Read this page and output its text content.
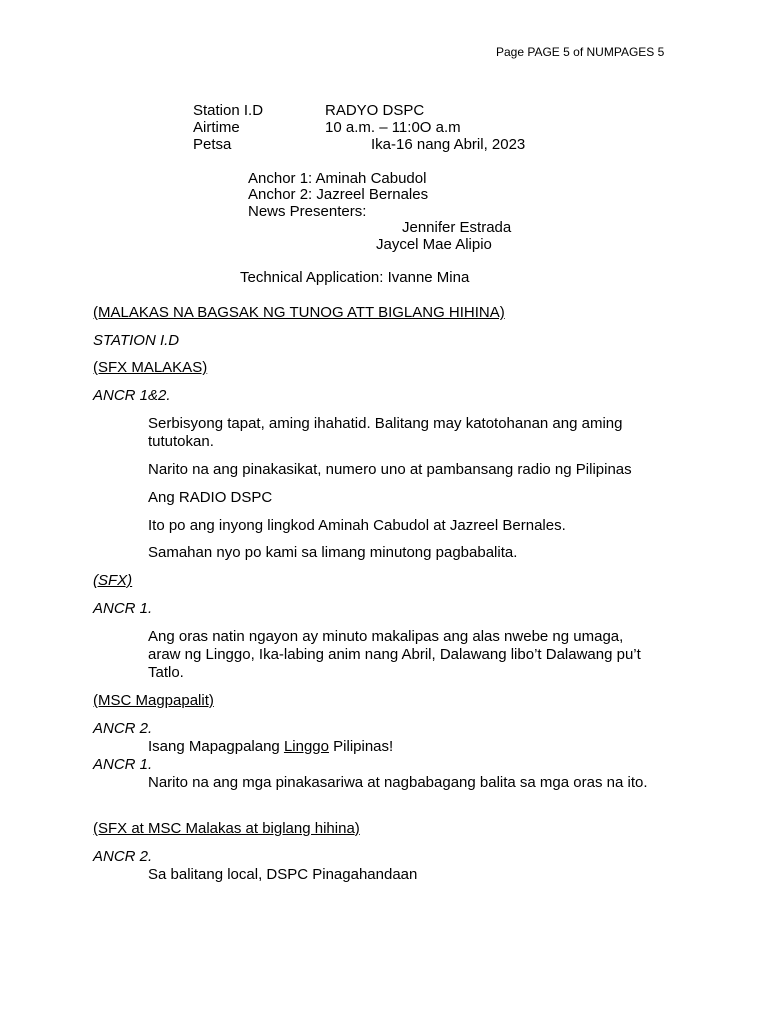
Page PAGE 5 of NUMPAGES 5
Station I.D	RADYO DSPC
Airtime	10 a.m. – 11:0O a.m
Petsa	Ika-16 nang Abril, 2023
Anchor 1: Aminah Cabudol
Anchor 2: Jazreel Bernales
News Presenters:
Jennifer Estrada
Jaycel Mae Alipio
Technical Application: Ivanne Mina
(MALAKAS NA BAGSAK NG TUNOG ATT BIGLANG HIHINA)
STATION I.D
(SFX MALAKAS)
ANCR 1&2.
Serbisyong tapat, aming ihahatid. Balitang may katotohanan ang aming
tututokan.
Narito na ang pinakasikat, numero uno at pambansang radio ng Pilipinas
Ang RADIO DSPC
Ito po ang inyong lingkod Aminah Cabudol at Jazreel Bernales.
Samahan nyo po kami sa limang minutong pagbabalita.
(SFX)
ANCR 1.
Ang oras natin ngayon ay minuto makalipas ang alas nwebe ng umaga,
araw ng Linggo, Ika-labing anim nang Abril, Dalawang libo’t Dalawang pu’t
Tatlo.
(MSC Magpapalit)
ANCR 2.
Isang Mapagpalang Linggo Pilipinas!
ANCR 1.
Narito na ang mga pinakasariwa at nagbabagang balita sa mga oras na ito.
(SFX at MSC Malakas at biglang hihina)
ANCR 2.
Sa balitang local, DSPC Pinagahandaan
